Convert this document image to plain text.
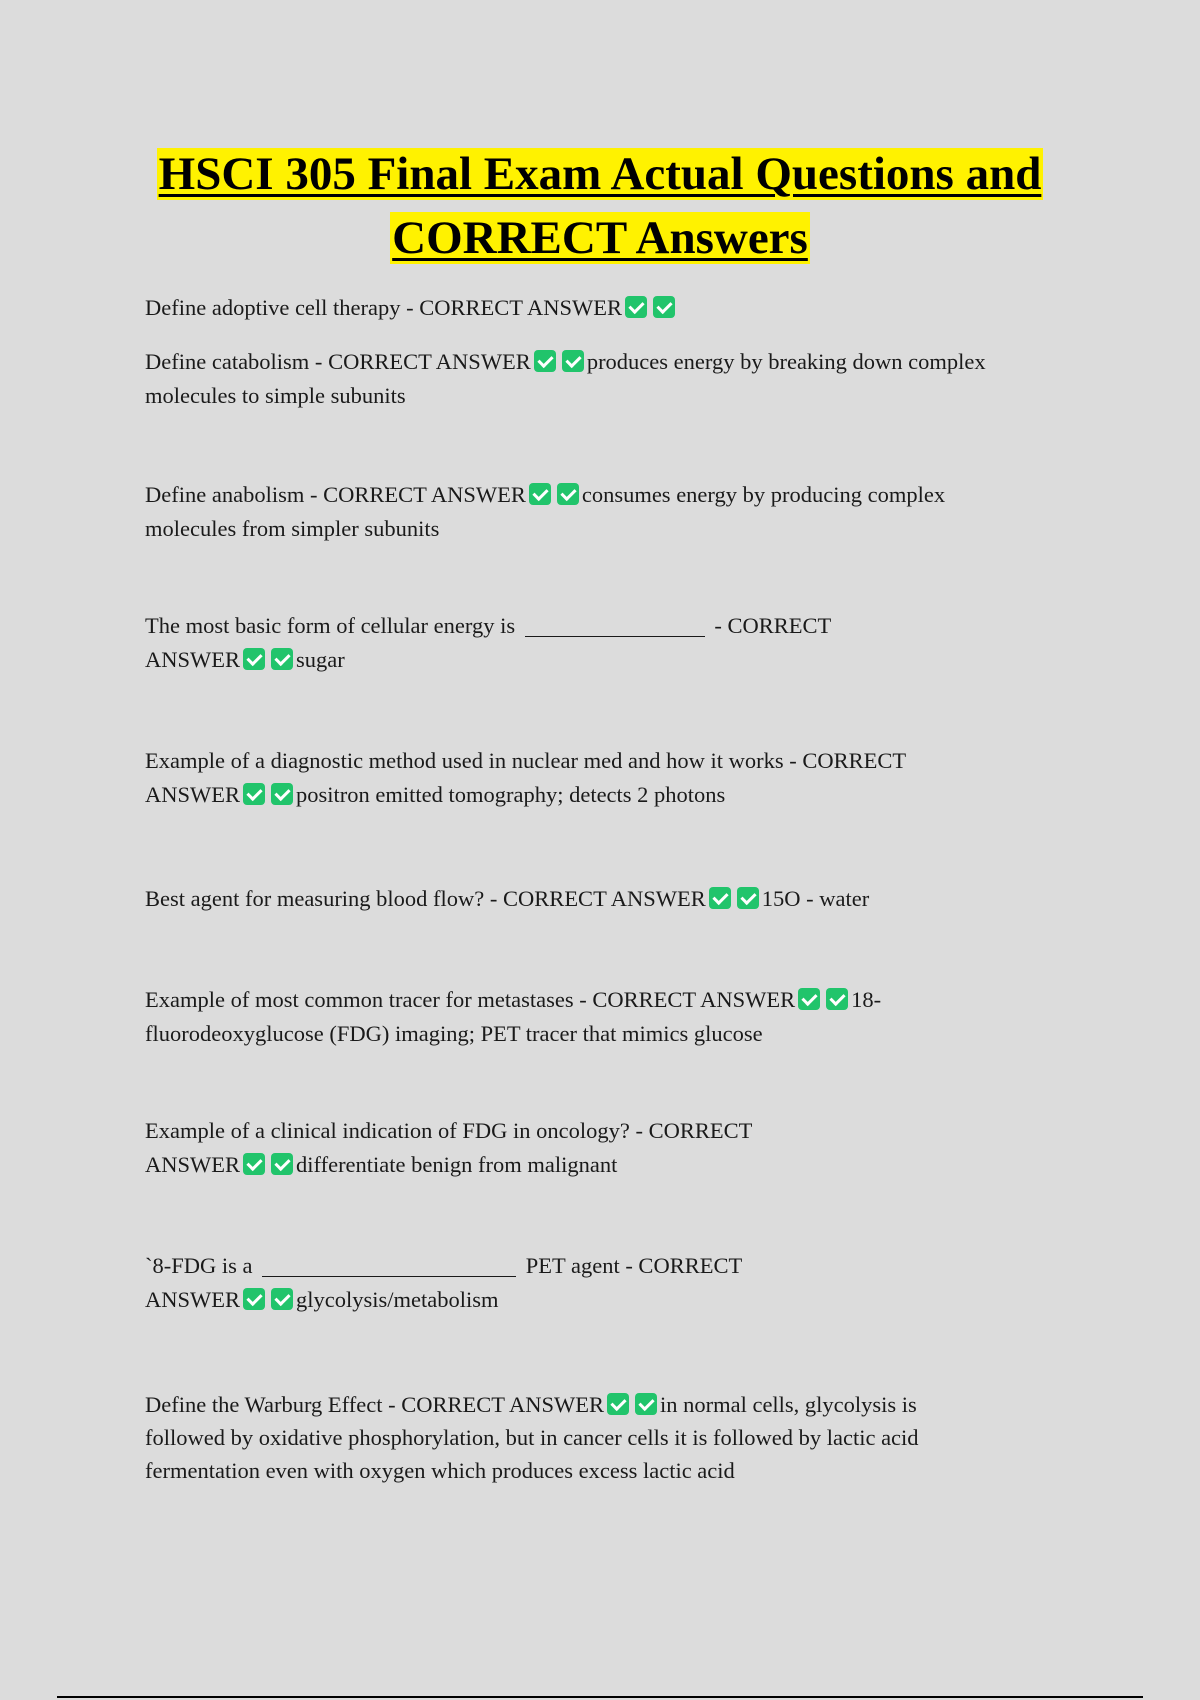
HSCI 305 Final Exam Actual Questions and
CORRECT Answers
Define adoptive cell therapy - CORRECT ANSWER
Define catabolism - CORRECT ANSWER produces energy by breaking down complex molecules to simple subunits
Define anabolism - CORRECT ANSWER consumes energy by producing complex molecules from simpler subunits
The most basic form of cellular energy is	- CORRECT
ANSWER sugar
Example of a diagnostic method used in nuclear med and how it works - CORRECT
ANSWER positron emitted tomography; detects 2 photons
Best agent for measuring blood flow? - CORRECT ANSWER 15O - water
Example of most common tracer for metastases - CORRECT ANSWER 18-fluorodeoxyglucose (FDG) imaging; PET tracer that mimics glucose
Example of a clinical indication of FDG in oncology? - CORRECT
ANSWER differentiate benign from malignant
`8-FDG is a	PET agent - CORRECT
ANSWER glycolysis/metabolism
Define the Warburg Effect - CORRECT ANSWER in normal cells, glycolysis is
followed by oxidative phosphorylation, but in cancer cells it is followed by lactic acid
fermentation even with oxygen which produces excess lactic acid
